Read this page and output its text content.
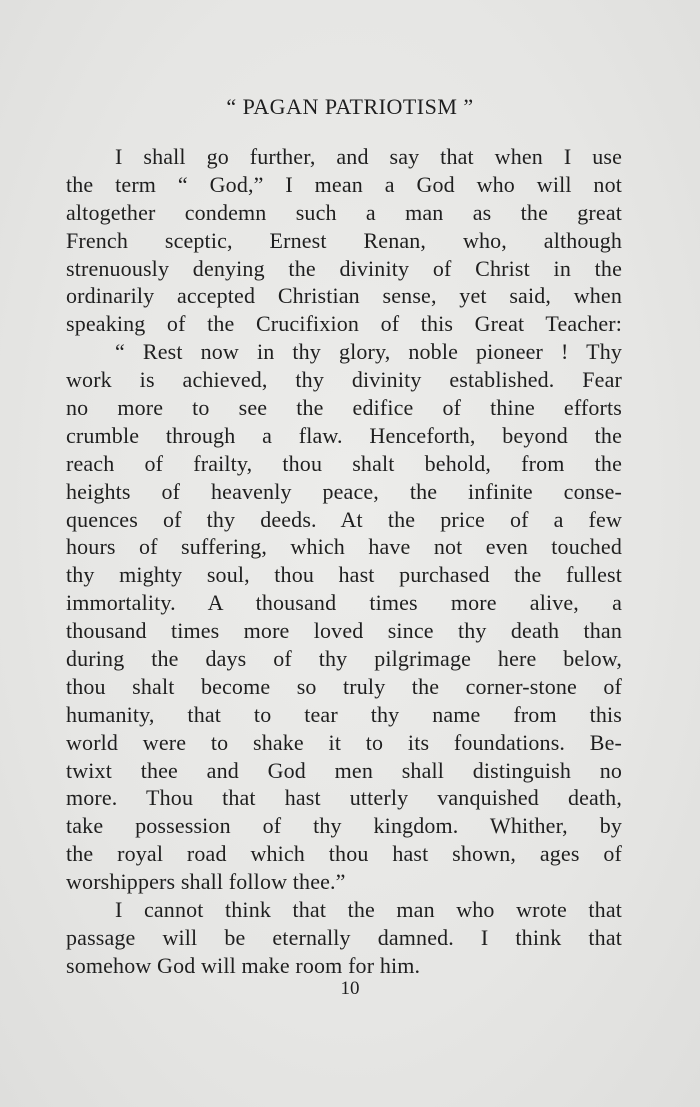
“ PAGAN PATRIOTISM ”
I shall go further, and say that when I use
the term “ God,” I mean a God who will not
altogether condemn such a man as the great
French sceptic, Ernest Renan, who, although
strenuously denying the divinity of Christ in the
ordinarily accepted Christian sense, yet said, when
speaking of the Crucifixion of this Great Teacher:
“ Rest now in thy glory, noble pioneer ! Thy
work is achieved, thy divinity established. Fear
no more to see the edifice of thine efforts
crumble through a flaw. Henceforth, beyond the
reach of frailty, thou shalt behold, from the
heights of heavenly peace, the infinite conse-
quences of thy deeds. At the price of a few
hours of suffering, which have not even touched
thy mighty soul, thou hast purchased the fullest
immortality. A thousand times more alive, a
thousand times more loved since thy death than
during the days of thy pilgrimage here below,
thou shalt become so truly the corner-stone of
humanity, that to tear thy name from this
world were to shake it to its foundations. Be-
twixt thee and God men shall distinguish no
more. Thou that hast utterly vanquished death,
take possession of thy kingdom. Whither, by
the royal road which thou hast shown, ages of
worshippers shall follow thee.”
I cannot think that the man who wrote that
passage will be eternally damned. I think that
somehow God will make room for him.
10
